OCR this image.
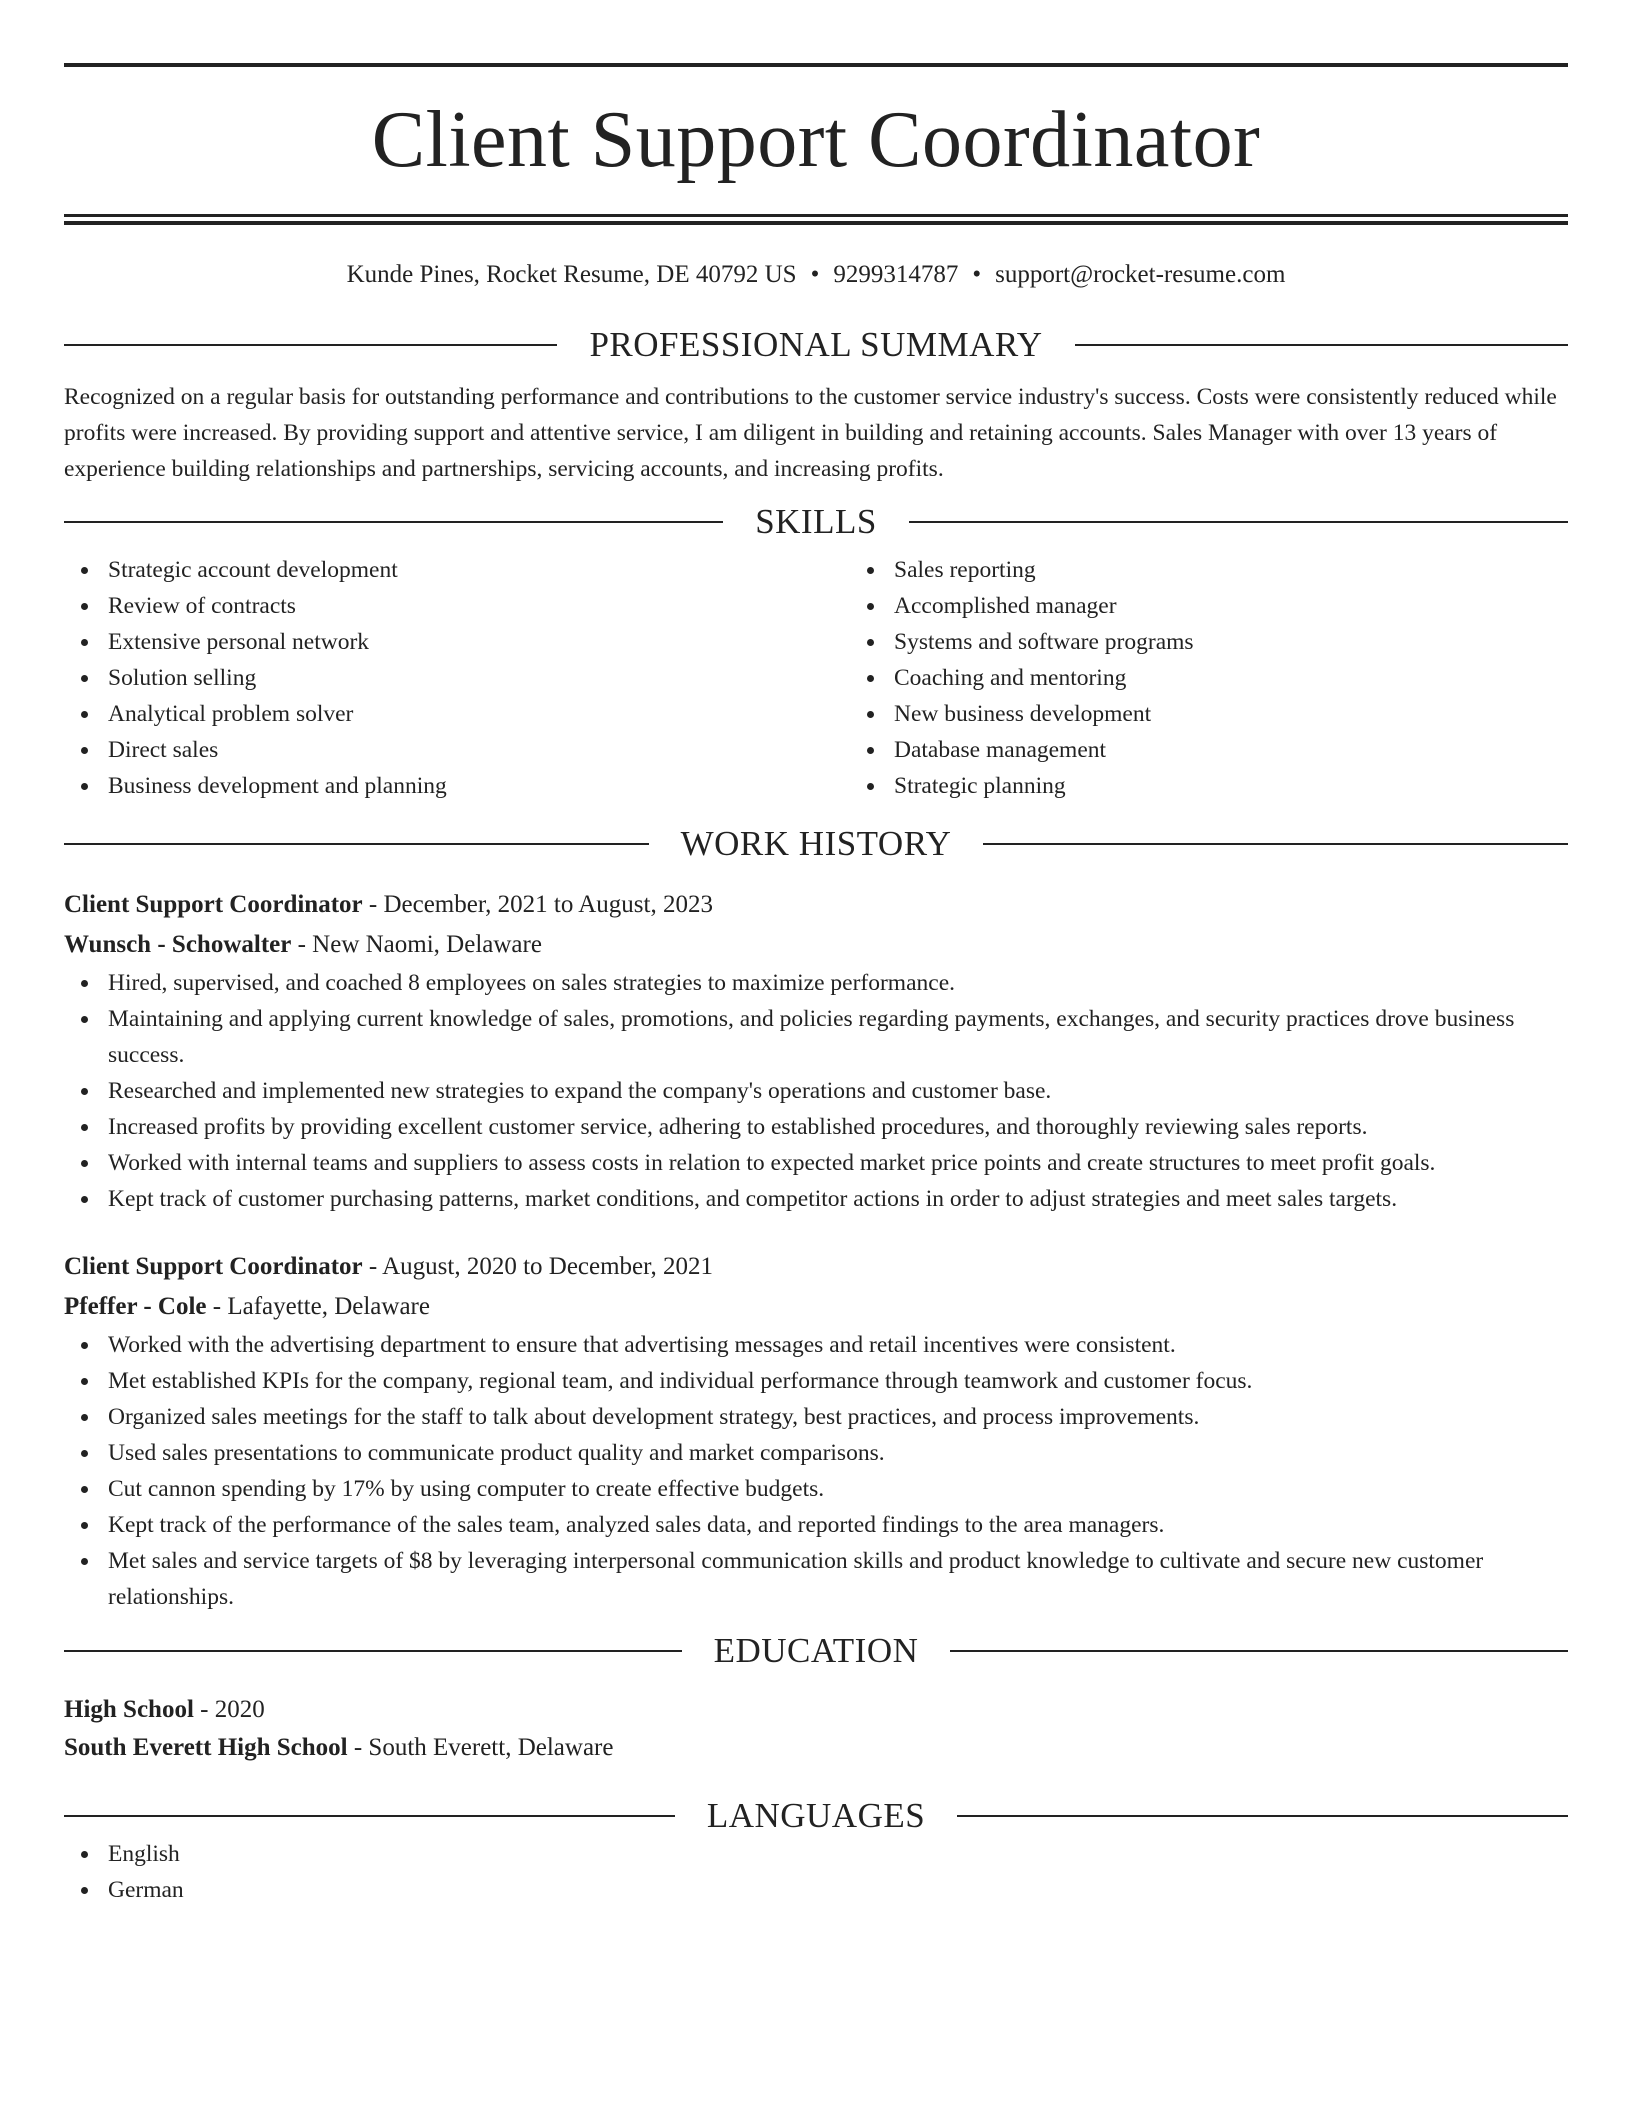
Client Support Coordinator
Kunde Pines, Rocket Resume, DE 40792 US • 9299314787 • support@rocket-resume.com
PROFESSIONAL SUMMARY

Recognized on a regular basis for outstanding performance and contributions to the customer service industry's success. Costs were consistently reduced while profits were increased. By providing support and attentive service, I am diligent in building and retaining accounts. Sales Manager with over 13 years of experience building relationships and partnerships, servicing accounts, and increasing profits.

SKILLS
Strategic account development
Review of contracts
Extensive personal network
Solution selling
Analytical problem solver
Direct sales
Business development and planning
Sales reporting
Accomplished manager
Systems and software programs
Coaching and mentoring
New business development
Database management
Strategic planning
WORK HISTORY
Client Support Coordinator - December, 2021 to August, 2023
Wunsch - Schowalter - New Naomi, Delaware
Hired, supervised, and coached 8 employees on sales strategies to maximize performance.
Maintaining and applying current knowledge of sales, promotions, and policies regarding payments, exchanges, and security practices drove business success.
Researched and implemented new strategies to expand the company's operations and customer base.
Increased profits by providing excellent customer service, adhering to established procedures, and thoroughly reviewing sales reports.
Worked with internal teams and suppliers to assess costs in relation to expected market price points and create structures to meet profit goals.
Kept track of customer purchasing patterns, market conditions, and competitor actions in order to adjust strategies and meet sales targets.
Client Support Coordinator - August, 2020 to December, 2021
Pfeffer - Cole - Lafayette, Delaware
Worked with the advertising department to ensure that advertising messages and retail incentives were consistent.
Met established KPIs for the company, regional team, and individual performance through teamwork and customer focus.
Organized sales meetings for the staff to talk about development strategy, best practices, and process improvements.
Used sales presentations to communicate product quality and market comparisons.
Cut cannon spending by 17% by using computer to create effective budgets.
Kept track of the performance of the sales team, analyzed sales data, and reported findings to the area managers.
Met sales and service targets of $8 by leveraging interpersonal communication skills and product knowledge to cultivate and secure new customer relationships.
EDUCATION
High School - 2020
South Everett High School - South Everett, Delaware
LANGUAGES
English
German
